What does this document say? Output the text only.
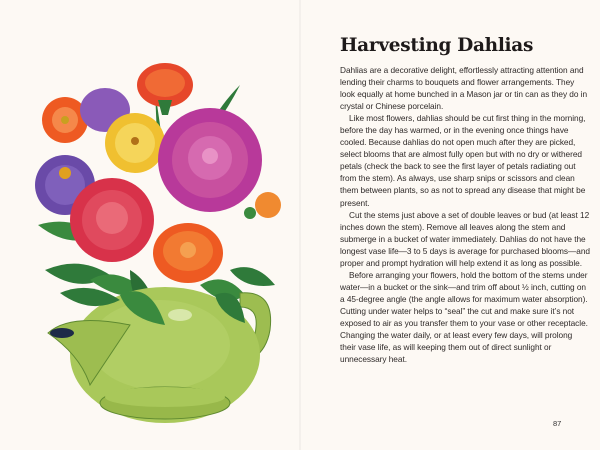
Harvesting Dahlias

Dahlias are a decorative delight, effortlessly attracting attention and lending their charms to bouquets and flower arrangements. They look equally at home bunched in a Mason jar or tin can as they do in crystal or Chinese porcelain.

Like most flowers, dahlias should be cut first thing in the morning, before the day has warmed, or in the evening once things have cooled. Because dahlias do not open much after they are picked, select blooms that are almost fully open but with no dry or withered petals (check the back to see the first layer of petals radiating out from the stem). As always, use sharp snips or scissors and clean them between plants, so as not to spread any disease that might be present.

Cut the stems just above a set of double leaves or bud (at least 12 inches down the stem). Remove all leaves along the stem and submerge in a bucket of water immediately. Dahlias do not have the longest vase life—3 to 5 days is average for purchased blooms—and proper and prompt hydration will help extend it as long as possible.

Before arranging your flowers, hold the bottom of the stems under water—in a bucket or the sink—and trim off about ½ inch, cutting on a 45-degree angle (the angle allows for maximum water absorption). Cutting under water helps to “seal” the cut and make sure it’s not exposed to air as you transfer them to your vase or other receptacle. Changing the water daily, or at least every few days, will prolong their vase life, as will keeping them out of direct sunlight or unnecessary heat.

87
